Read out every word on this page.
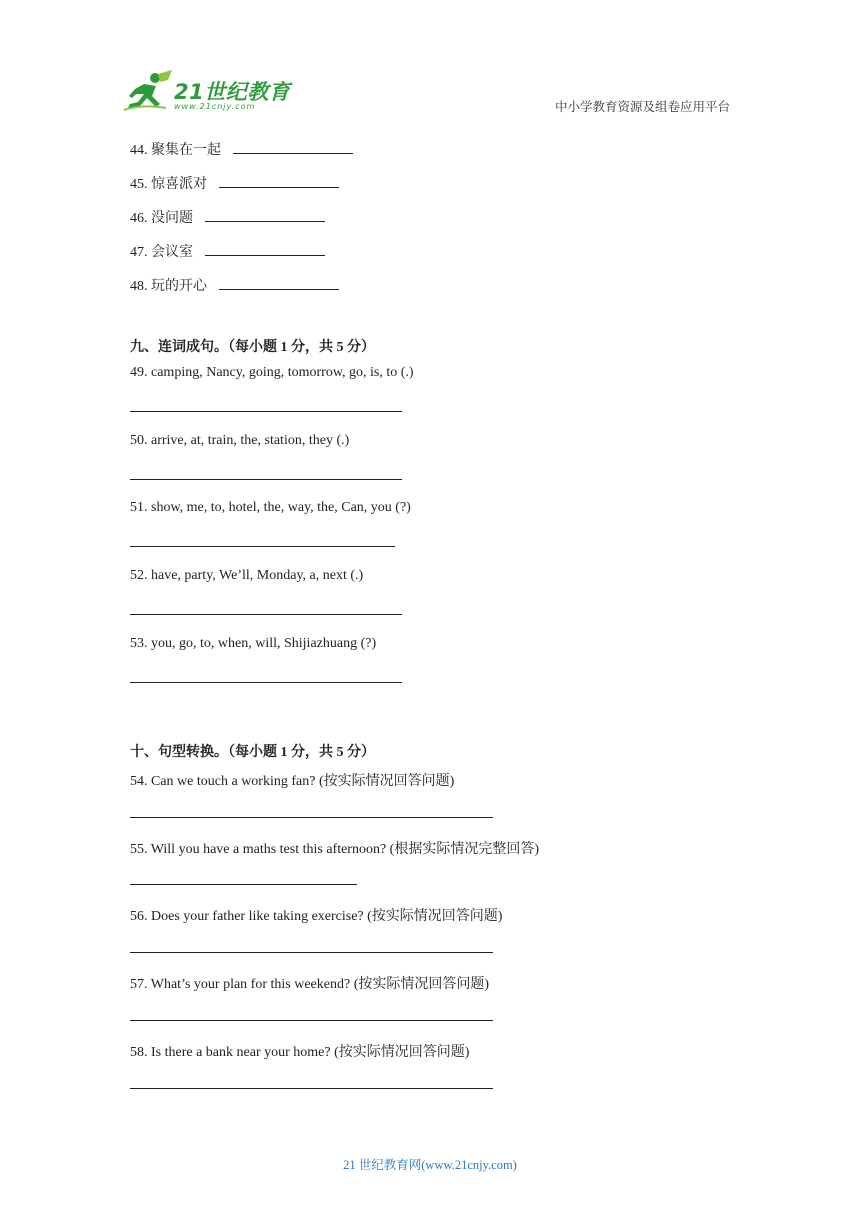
21世纪教育
www.21cnjy.com	中小学教育资源及组卷应用平台
44. 聚集在一起
45. 惊喜派对
46. 没问题
47. 会议室
48. 玩的开心
九、连词成句。（每小题 1 分，共 5 分）
49. camping, Nancy, going, tomorrow, go, is, to (.)
50. arrive, at, train, the, station, they (.)
51. show, me, to, hotel, the, way, the, Can, you (?)
52. have, party, We’ll, Monday, a, next (.)
53. you, go, to, when, will, Shijiazhuang (?)
十、句型转换。（每小题 1 分，共 5 分）
54. Can we touch a working fan? (按实际情况回答问题)
55. Will you have a maths test this afternoon? (根据实际情况完整回答)
56. Does your father like taking exercise? (按实际情况回答问题)
57. What’s your plan for this weekend? (按实际情况回答问题)
58. Is there a bank near your home? (按实际情况回答问题)
21 世纪教育网(www.21cnjy.com)
